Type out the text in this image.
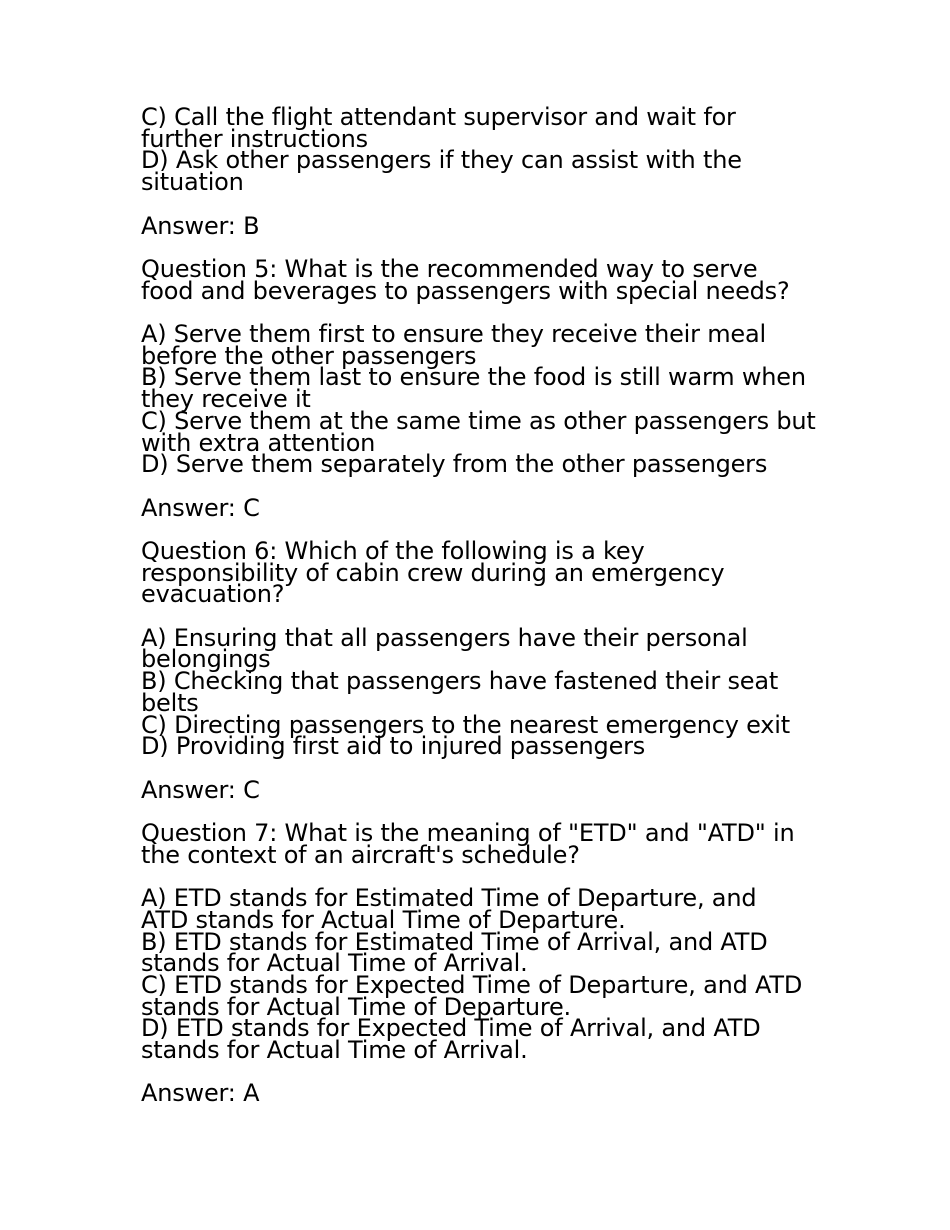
C) Call the flight attendant supervisor and wait for
further instructions
D) Ask other passengers if they can assist with the
situation
Answer: B
Question 5: What is the recommended way to serve
food and beverages to passengers with special needs?
A) Serve them first to ensure they receive their meal
before the other passengers
B) Serve them last to ensure the food is still warm when
they receive it
C) Serve them at the same time as other passengers but
with extra attention
D) Serve them separately from the other passengers
Answer: C
Question 6: Which of the following is a key
responsibility of cabin crew during an emergency
evacuation?
A) Ensuring that all passengers have their personal
belongings
B) Checking that passengers have fastened their seat
belts
C) Directing passengers to the nearest emergency exit
D) Providing first aid to injured passengers
Answer: C
Question 7: What is the meaning of "ETD" and "ATD" in
the context of an aircraft's schedule?
A) ETD stands for Estimated Time of Departure, and
ATD stands for Actual Time of Departure.
B) ETD stands for Estimated Time of Arrival, and ATD
stands for Actual Time of Arrival.
C) ETD stands for Expected Time of Departure, and ATD
stands for Actual Time of Departure.
D) ETD stands for Expected Time of Arrival, and ATD
stands for Actual Time of Arrival.
Answer: A
